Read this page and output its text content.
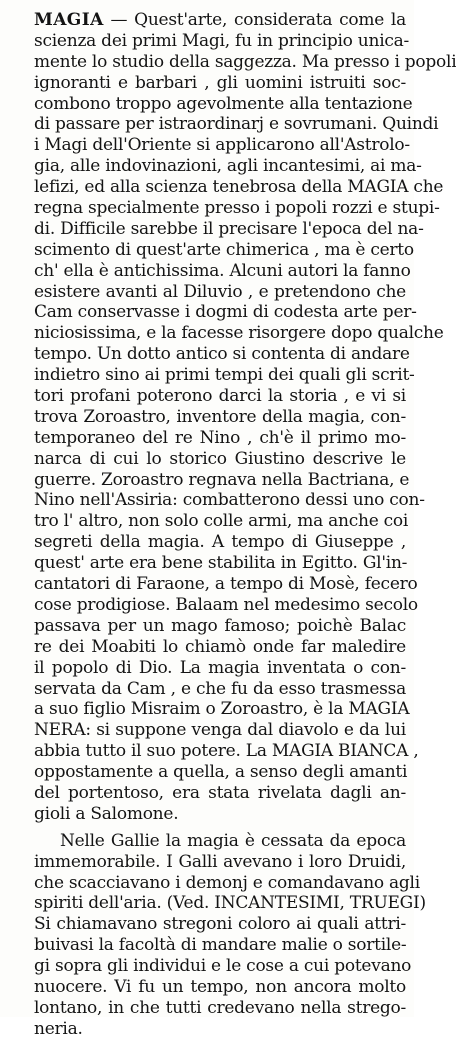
MAGIA — Quest'arte, considerata come la
scienza dei primi Magi, fu in principio unica-
mente lo studio della saggezza. Ma presso i popoli
ignoranti e barbari , gli uomini istruiti soc-
combono troppo agevolmente alla tentazione
di passare per istraordinarj e sovrumani. Quindi
i Magi dell'Oriente si applicarono all'Astrolo-
gia, alle indovinazioni, agli incantesimi, ai ma-
lefizi, ed alla scienza tenebrosa della MAGIA che
regna specialmente presso i popoli rozzi e stupi-
di. Difficile sarebbe il precisare l'epoca del na-
scimento di quest'arte chimerica , ma è certo
ch' ella è antichissima. Alcuni autori la fanno
esistere avanti al Diluvio , e pretendono che
Cam conservasse i dogmi di codesta arte per-
niciosissima, e la facesse risorgere dopo qualche
tempo. Un dotto antico si contenta di andare
indietro sino ai primi tempi dei quali gli scrit-
tori profani poterono darci la storia , e vi si
trova Zoroastro, inventore della magia, con-
temporaneo del re Nino , ch'è il primo mo-
narca di cui lo storico Giustino descrive le
guerre. Zoroastro regnava nella Bactriana, e
Nino nell'Assiria: combatterono dessi uno con-
tro l' altro, non solo colle armi, ma anche coi
segreti della magia. A tempo di Giuseppe ,
quest' arte era bene stabilita in Egitto. Gl'in-
cantatori di Faraone, a tempo di Mosè, fecero
cose prodigiose. Balaam nel medesimo secolo
passava per un mago famoso; poichè Balac
re dei Moabiti lo chiamò onde far maledire
il popolo di Dio. La magia inventata o con-
servata da Cam , e che fu da esso trasmessa
a suo figlio Misraim o Zoroastro, è la MAGIA
NERA: si suppone venga dal diavolo e da lui
abbia tutto il suo potere. La MAGIA BIANCA ,
oppostamente a quella, a senso degli amanti
del portentoso, era stata rivelata dagli an-
gioli a Salomone.
Nelle Gallie la magia è cessata da epoca
immemorabile. I Galli avevano i loro Druidi,
che scacciavano i demonj e comandavano agli
spiriti dell'aria. (Ved. INCANTESIMI, TRUEGI)
Si chiamavano stregoni coloro ai quali attri-
buivasi la facoltà di mandare malie o sortile-
gi sopra gli individui e le cose a cui potevano
nuocere. Vi fu un tempo, non ancora molto
lontano, in che tutti credevano nella strego-
neria.
